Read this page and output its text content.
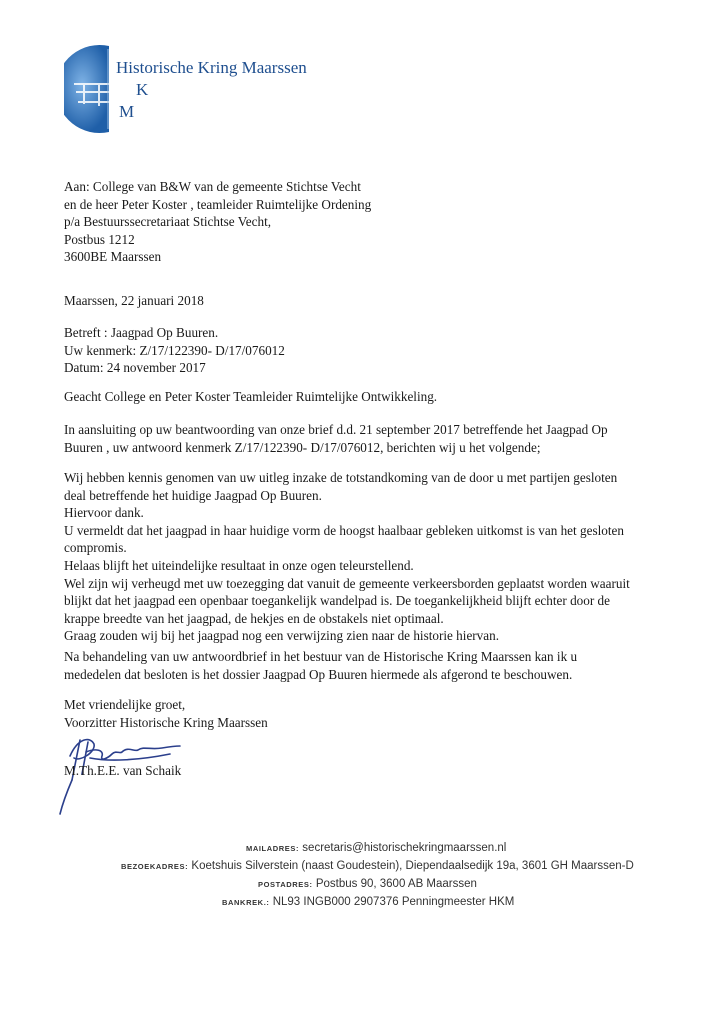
Historische Kring Maarssen
K
M

Aan: College van B&W van de gemeente Stichtse Vecht

en de heer Peter Koster , teamleider Ruimtelijke Ordening

p/a Bestuurssecretariaat Stichtse Vecht,

Postbus 1212

3600BE Maarssen

Maarssen, 22 januari 2018

Betreft : Jaagpad Op Buuren.

Uw kenmerk: Z/17/122390- D/17/076012

Datum: 24 november 2017

Geacht College en Peter Koster Teamleider Ruimtelijke Ontwikkeling.

In aansluiting op uw beantwoording van onze brief d.d. 21 september 2017 betreffende het Jaagpad Op

Buuren , uw antwoord kenmerk Z/17/122390- D/17/076012, berichten wij u het volgende;

Wij hebben kennis genomen van uw uitleg inzake de totstandkoming van de door u met partijen gesloten

deal betreffende het huidige Jaagpad Op Buuren.

Hiervoor dank.

U vermeldt dat het jaagpad in haar huidige vorm de hoogst haalbaar gebleken uitkomst is van het gesloten

compromis.

Helaas blijft het uiteindelijke resultaat in onze ogen teleurstellend.

Wel zijn wij verheugd met uw toezegging dat vanuit de gemeente verkeersborden geplaatst worden waaruit

blijkt dat het jaagpad een openbaar toegankelijk wandelpad is. De toegankelijkheid blijft echter door de

krappe breedte van het jaagpad, de hekjes en de obstakels niet optimaal.

Graag zouden wij bij het jaagpad nog een verwijzing zien naar de historie hiervan.

Na behandeling van uw antwoordbrief in het bestuur van de Historische Kring Maarssen kan ik u

mededelen dat besloten is het dossier Jaagpad Op Buuren hiermede als afgerond te beschouwen.

Met vriendelijke groet,

Voorzitter Historische Kring Maarssen

M.Th.E.E. van Schaik
MAILADRES: secretaris@historischekringmaarssen.nl
BEZOEKADRES: Koetshuis Silverstein (naast Goudestein), Diependaalsedijk 19a, 3601 GH Maarssen-D
POSTADRES: Postbus 90, 3600 AB Maarssen
BANKREK.: NL93 INGB000 2907376 Penningmeester HKM
